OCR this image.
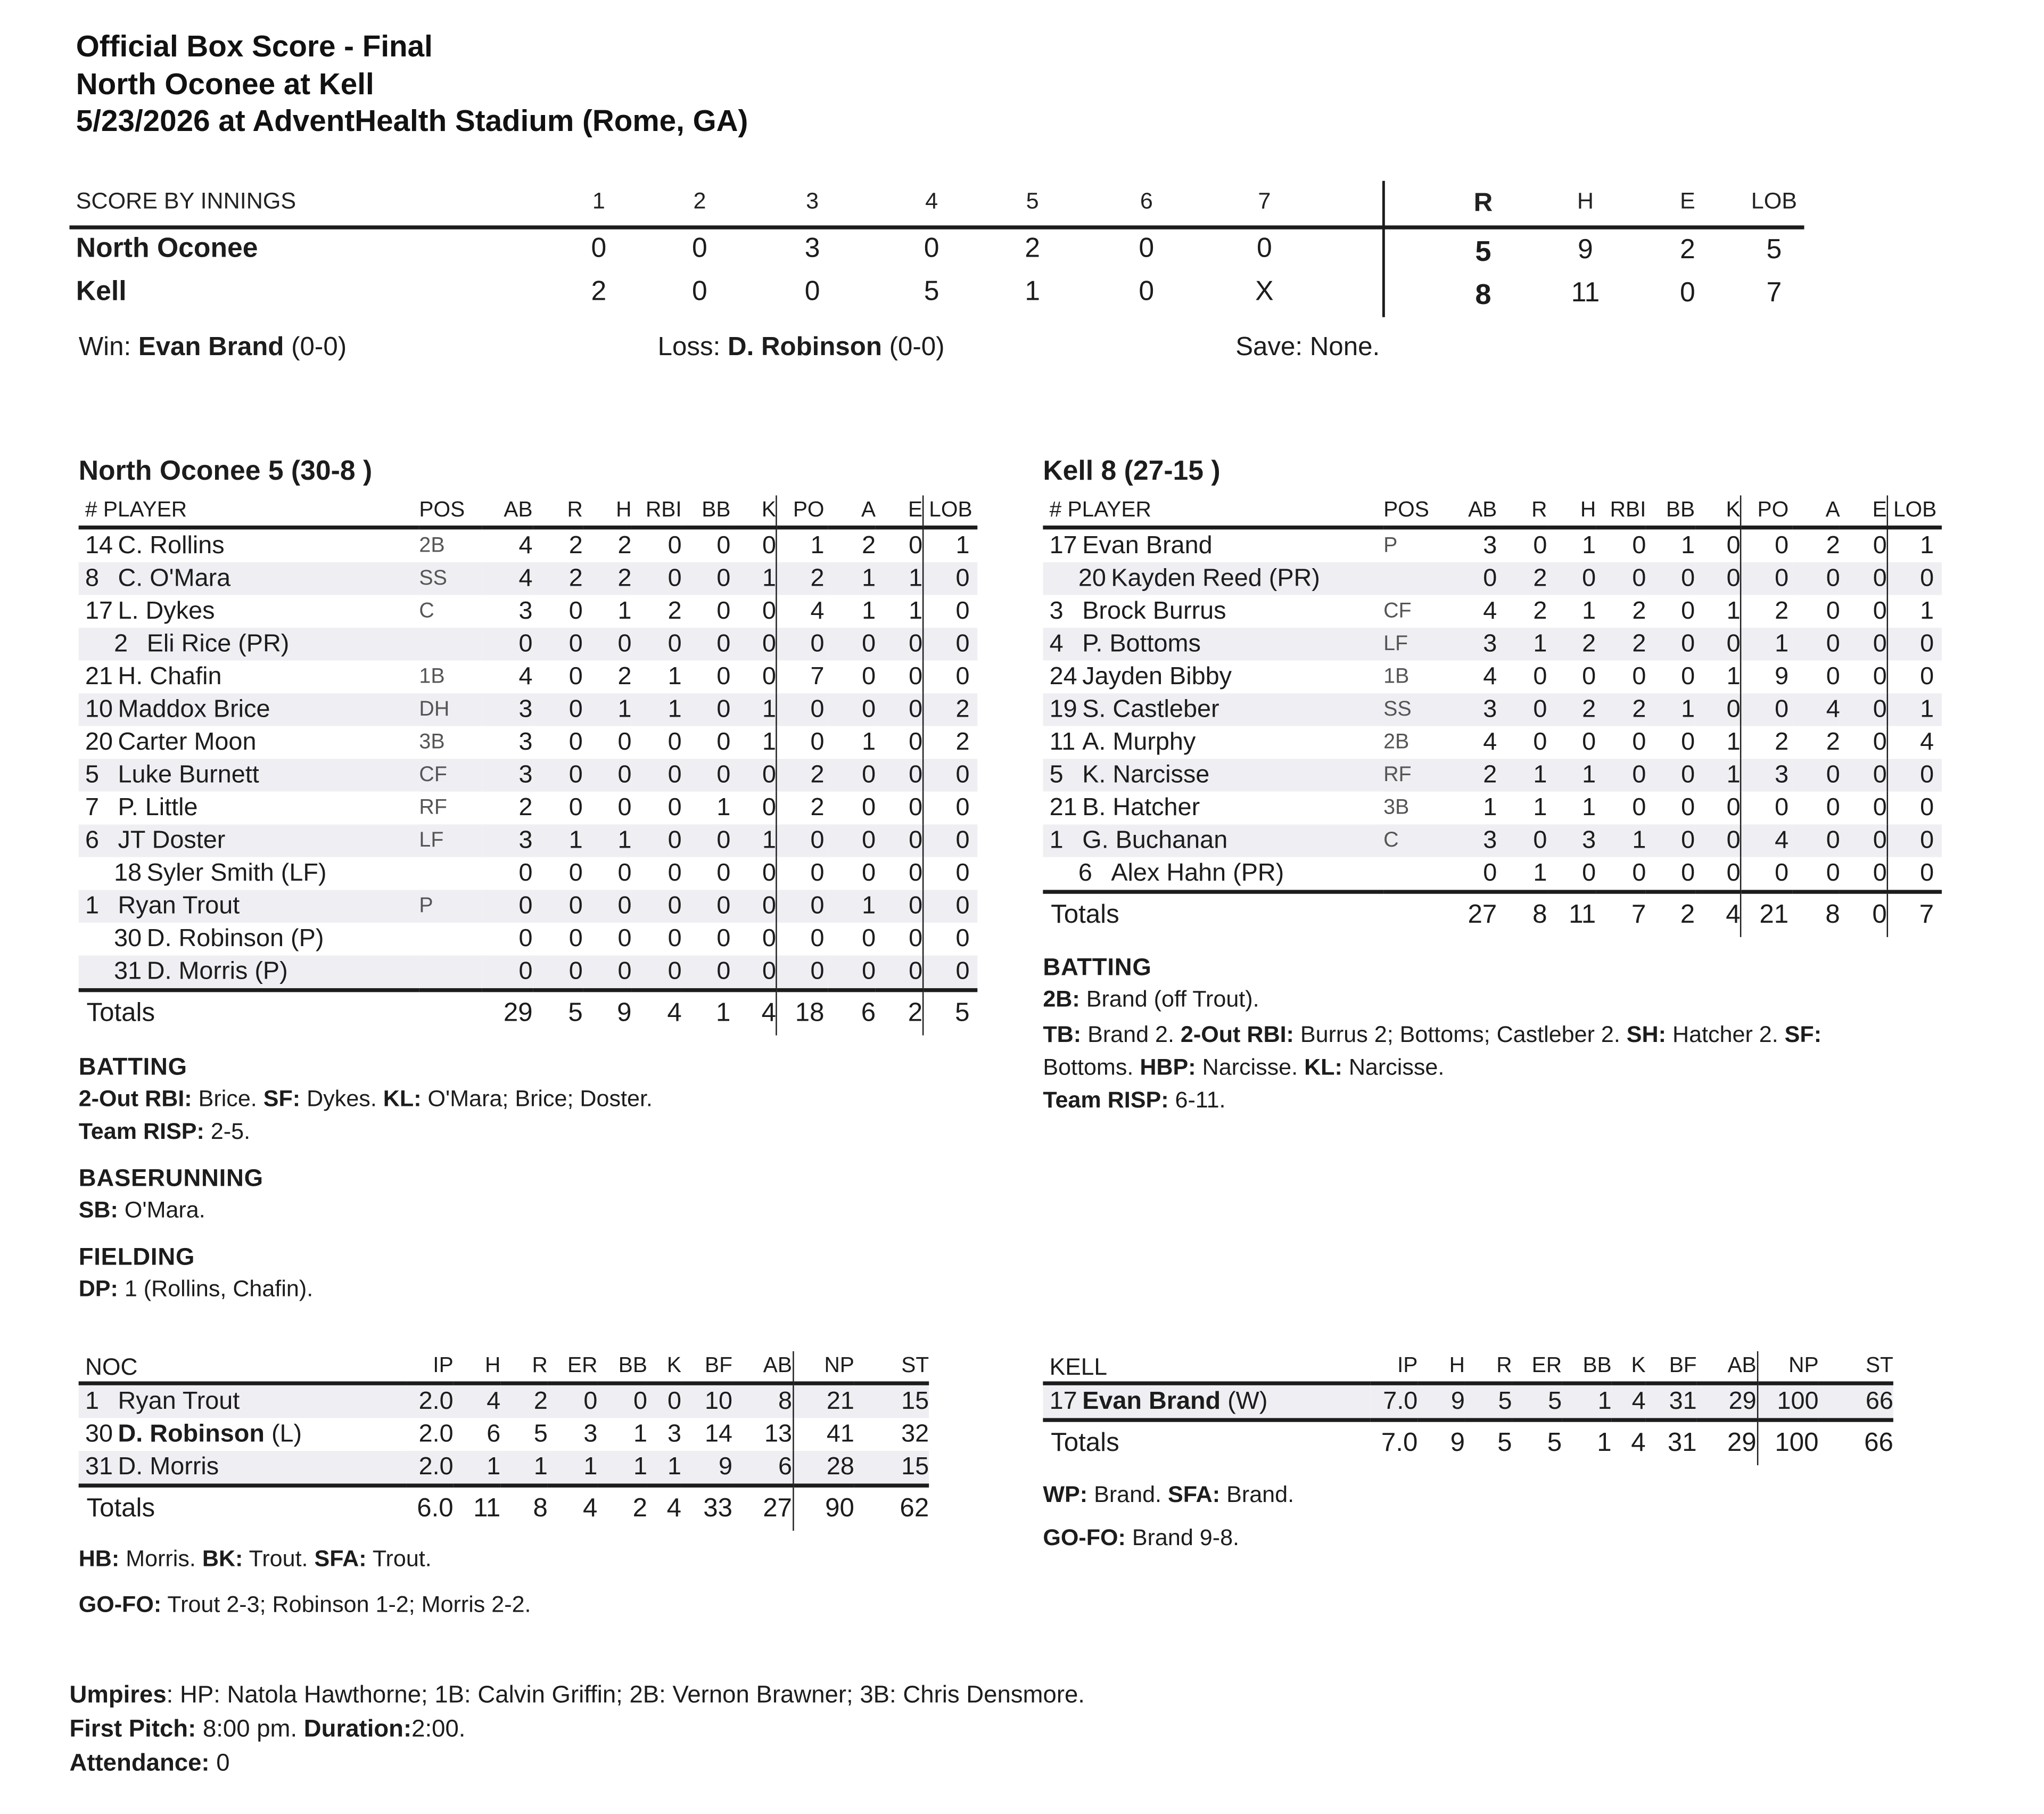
Official Box Score - Final
North Oconee at Kell
5/23/2026 at AdventHealth Stadium (Rome, GA)
SCORE BY INNINGS	1	2	3	4	5	6	7	R	H	E	LOB
North Oconee	0	0	3	0	2	0	0	5	9	2	5
Kell	2	0	0	5	1	0	X	8	11	0	7
Win: Evan Brand (0-0)	Loss: D. Robinson (0-0)	Save: None.
North Oconee 5 (30-8 )
# PLAYER	POS	AB	R	H	RBI	BB	K	PO	A	E	LOB
14 C. Rollins	2B	4	2	2	0	0	0	1	2	0	1
8 C. O'Mara	SS	4	2	2	0	0	1	2	1	1	0
17 L. Dykes	C	3	0	1	2	0	0	4	1	1	0
2 Eli Rice (PR)		0	0	0	0	0	0	0	0	0	0
21 H. Chafin	1B	4	0	2	1	0	0	7	0	0	0
10 Maddox Brice	DH	3	0	1	1	0	1	0	0	0	2
20 Carter Moon	3B	3	0	0	0	0	1	0	1	0	2
5 Luke Burnett	CF	3	0	0	0	0	0	2	0	0	0
7 P. Little	RF	2	0	0	0	1	0	2	0	0	0
6 JT Doster	LF	3	1	1	0	0	1	0	0	0	0
18 Syler Smith (LF)		0	0	0	0	0	0	0	0	0	0
1 Ryan Trout	P	0	0	0	0	0	0	0	1	0	0
30 D. Robinson (P)		0	0	0	0	0	0	0	0	0	0
31 D. Morris (P)		0	0	0	0	0	0	0	0	0	0
Totals		29	5	9	4	1	4	18	6	2	5
BATTING
2-Out RBI: Brice. SF: Dykes. KL: O'Mara; Brice; Doster.
Team RISP: 2-5.
BASERUNNING
SB: O'Mara.
FIELDING
DP: 1 (Rollins, Chafin).
Kell 8 (27-15 )
# PLAYER	POS	AB	R	H	RBI	BB	K	PO	A	E	LOB
17 Evan Brand	P	3	0	1	0	1	0	0	2	0	1
20 Kayden Reed (PR)		0	2	0	0	0	0	0	0	0	0
3 Brock Burrus	CF	4	2	1	2	0	1	2	0	0	1
4 P. Bottoms	LF	3	1	2	2	0	0	1	0	0	0
24 Jayden Bibby	1B	4	0	0	0	0	1	9	0	0	0
19 S. Castleber	SS	3	0	2	2	1	0	0	4	0	1
11 A. Murphy	2B	4	0	0	0	0	1	2	2	0	4
5 K. Narcisse	RF	2	1	1	0	0	1	3	0	0	0
21 B. Hatcher	3B	1	1	1	0	0	0	0	0	0	0
1 G. Buchanan	C	3	0	3	1	0	0	4	0	0	0
6 Alex Hahn (PR)		0	1	0	0	0	0	0	0	0	0
Totals		27	8	11	7	2	4	21	8	0	7
BATTING
2B: Brand (off Trout).
TB: Brand 2. 2-Out RBI: Burrus 2; Bottoms; Castleber 2. SH: Hatcher 2. SF:
Bottoms. HBP: Narcisse. KL: Narcisse.
Team RISP: 6-11.
NOC	IP	H	R	ER	BB	K	BF	AB	NP	ST
1 Ryan Trout	2.0	4	2	0	0	0	10	8	21	15
30 D. Robinson (L)	2.0	6	5	3	1	3	14	13	41	32
31 D. Morris	2.0	1	1	1	1	1	9	6	28	15
Totals	6.0	11	8	4	2	4	33	27	90	62
HB: Morris. BK: Trout. SFA: Trout.
GO-FO: Trout 2-3; Robinson 1-2; Morris 2-2.
KELL	IP	H	R	ER	BB	K	BF	AB	NP	ST
17 Evan Brand (W)	7.0	9	5	5	1	4	31	29	100	66
Totals	7.0	9	5	5	1	4	31	29	100	66
WP: Brand. SFA: Brand.
GO-FO: Brand 9-8.
Umpires: HP: Natola Hawthorne; 1B: Calvin Griffin; 2B: Vernon Brawner; 3B: Chris Densmore.
First Pitch: 8:00 pm. Duration:2:00.
Attendance: 0
